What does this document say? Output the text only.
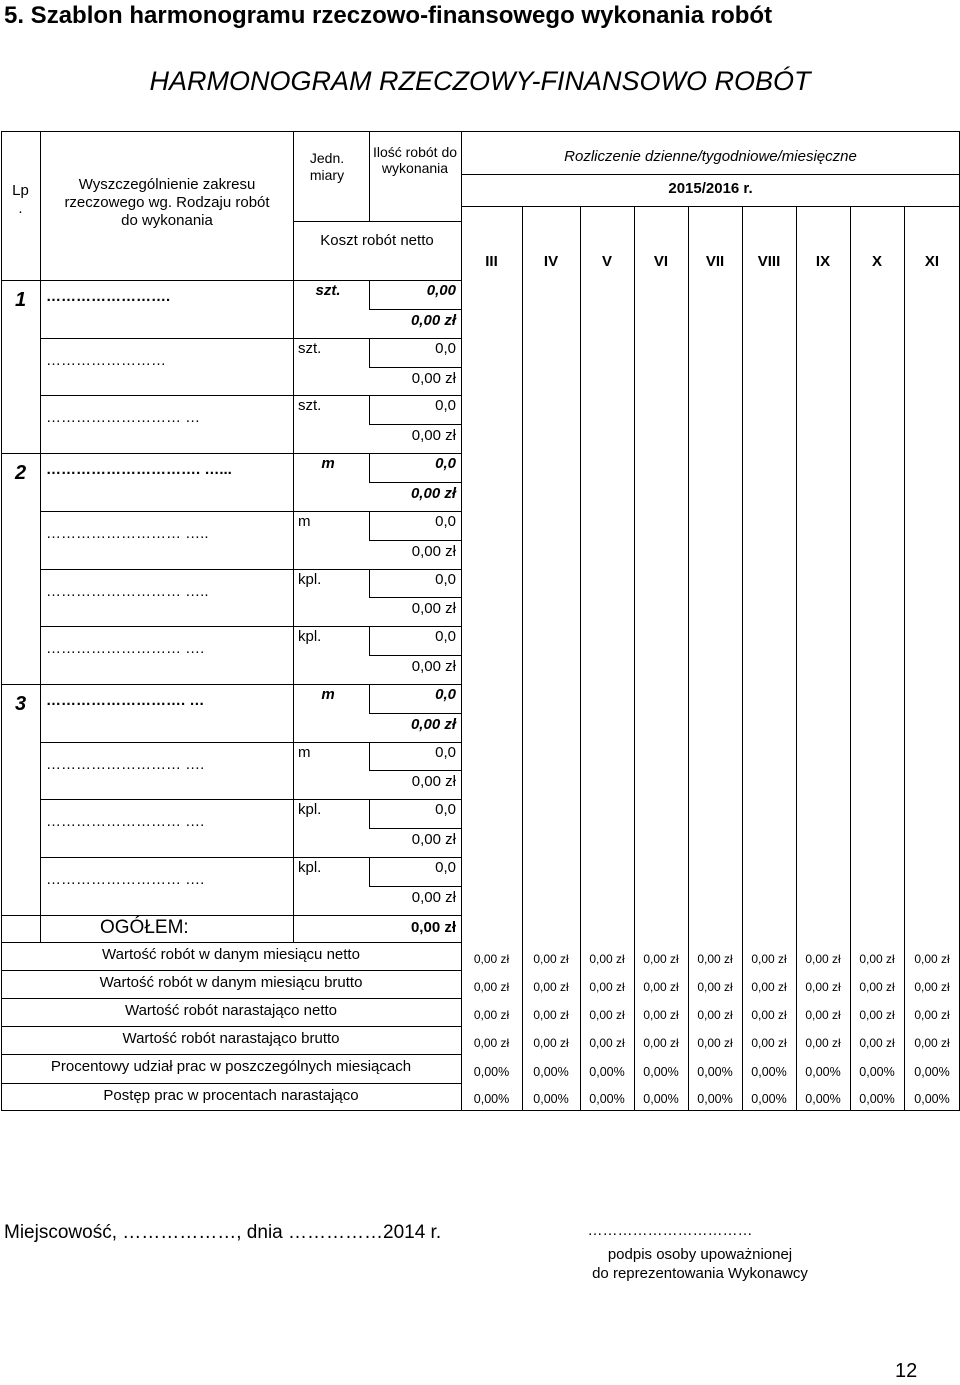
5. Szablon harmonogramu rzeczowo-finansowego wykonania robót
HARMONOGRAM RZECZOWY-FINANSOWO ROBÓT
Lp
.
Wyszczególnienie zakresu rzeczowego wg. Rodzaju robót do wykonania
Jedn. miary
Ilość robót do wykonania
Koszt robót netto
Rozliczenie dzienne/tygodniowe/miesięczne
2015/2016 r.
III	IV	V	VI	VII	VIII	IX	X	XI
1	…………………….	szt.	0,00
0,00 zł
……………………
szt.	0,0
0,00 zł
……………………… …
szt.	0,0
0,00 zł
2	…………………………. …...	m	0,0
0,00 zł
……………………… …..
m	0,0
0,00 zł
……………………… …..
kpl.	0,0
0,00 zł
……………………… ….
kpl.	0,0
0,00 zł
3	………………………. …	m	0,0
0,00 zł
……………………… ….
m	0,0
0,00 zł
……………………… ….
kpl.	0,0
0,00 zł
……………………… ….
kpl.	0,0
0,00 zł
OGÓŁEM:	0,00 zł
Wartość robót w danym miesiącu netto	0,00 zł	0,00 zł	0,00 zł	0,00 zł	0,00 zł	0,00 zł	0,00 zł	0,00 zł	0,00 zł
Wartość robót w danym miesiącu brutto	0,00 zł	0,00 zł	0,00 zł	0,00 zł	0,00 zł	0,00 zł	0,00 zł	0,00 zł	0,00 zł
Wartość robót narastająco netto	0,00 zł	0,00 zł	0,00 zł	0,00 zł	0,00 zł	0,00 zł	0,00 zł	0,00 zł	0,00 zł
Wartość robót narastająco brutto	0,00 zł	0,00 zł	0,00 zł	0,00 zł	0,00 zł	0,00 zł	0,00 zł	0,00 zł	0,00 zł
Procentowy udział prac w poszczególnych miesiącach	0,00%	0,00%	0,00%	0,00%	0,00%	0,00%	0,00%	0,00%	0,00%
Postęp prac w procentach narastająco	0,00%	0,00%	0,00%	0,00%	0,00%	0,00%	0,00%	0,00%	0,00%
Miejscowość, ………………, dnia ……………2014 r.	……………………………
podpis osoby upoważnionej
do reprezentowania Wykonawcy
12
